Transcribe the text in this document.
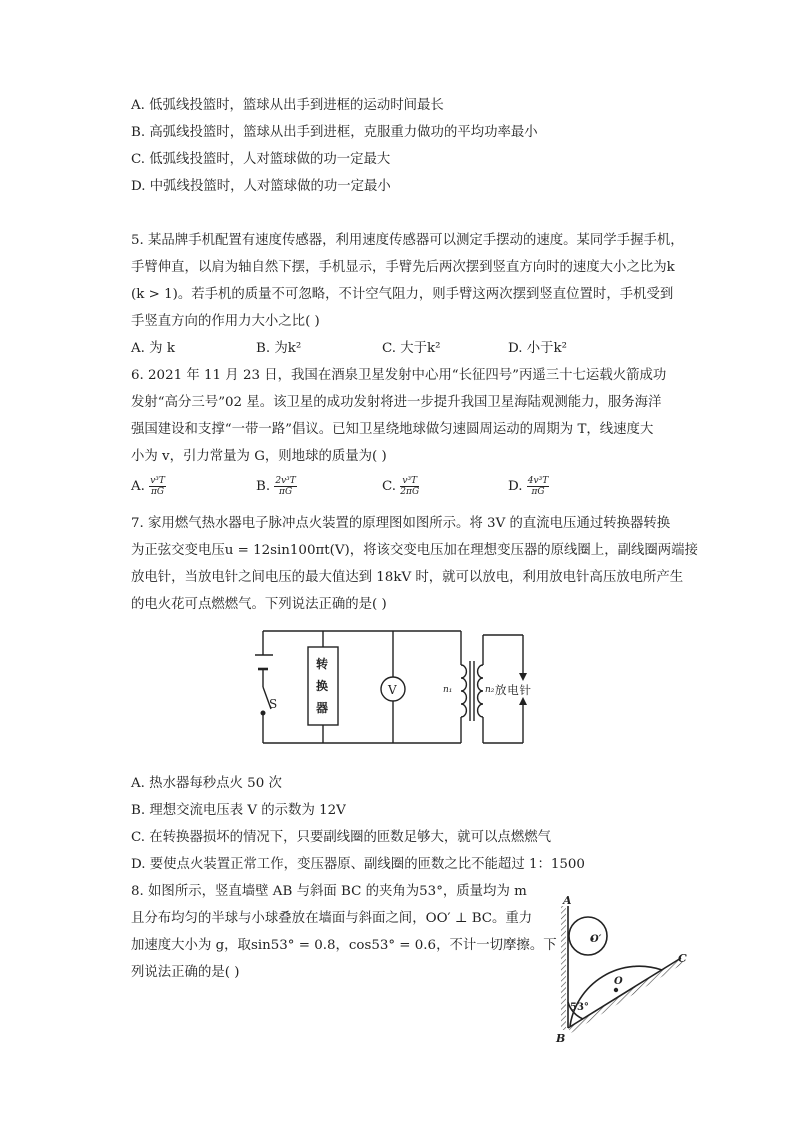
A. 低弧线投篮时，篮球从出手到进框的运动时间最长
B. 高弧线投篮时，篮球从出手到进框，克服重力做功的平均功率最小
C. 低弧线投篮时，人对篮球做的功一定最大
D. 中弧线投篮时，人对篮球做的功一定最小
5. 某品牌手机配置有速度传感器，利用速度传感器可以测定手摆动的速度。某同学手握手机，
手臂伸直，以肩为轴自然下摆，手机显示，手臂先后两次摆到竖直方向时的速度大小之比为k
(k > 1)。若手机的质量不可忽略，不计空气阻力，则手臂这两次摆到竖直位置时，手机受到
手竖直方向的作用力大小之比( )
A. 为 k	B. 为k²	C. 大于k²	D. 小于k²
6. 2021 年 11 月 23 日，我国在酒泉卫星发射中心用“长征四号”丙遥三十七运载火箭成功
发射“高分三号”02 星。该卫星的成功发射将进一步提升我国卫星海陆观测能力，服务海洋
强国建设和支撑“一带一路”倡议。已知卫星绕地球做匀速圆周运动的周期为 T，线速度大
小为 v，引力常量为 G，则地球的质量为( )
A. $\frac{\text{v³T}}{\pi G}$	B. $\frac{\text{2v³T}}{\pi G}$	C. $\frac{\text{v³T}}{2\pi G}$	D. $\frac{\text{4v³T}}{\pi G}$
7. 家用燃气热水器电子脉冲点火装置的原理图如图所示。将 3V 的直流电压通过转换器转换
为正弦交变电压u = 12sin100πt(V)，将该交变电压加在理想变压器的原线圈上，副线圈两端接
放电针，当放电针之间电压的最大值达到 18kV 时，就可以放电，利用放电针高压放电所产生
的电火花可点燃燃气。下列说法正确的是( )
S
转
换
器
V	n₁	n₂ 放电针
A. 热水器每秒点火 50 次
B. 理想交流电压表 V 的示数为 12V
C. 在转换器损坏的情况下，只要副线圈的匝数足够大，就可以点燃燃气
D. 要使点火装置正常工作，变压器原、副线圈的匝数之比不能超过 1：1500
8. 如图所示，竖直墙壁 AB 与斜面 BC 的夹角为53°，质量均为 m
且分布均匀的半球与小球叠放在墙面与斜面之间，OO′ ⊥ BC。重力
加速度大小为 g，取sin53° = 0.8，cos53° = 0.6，不计一切摩擦。下
列说法正确的是( )
A
B
C
O
O′
53°
